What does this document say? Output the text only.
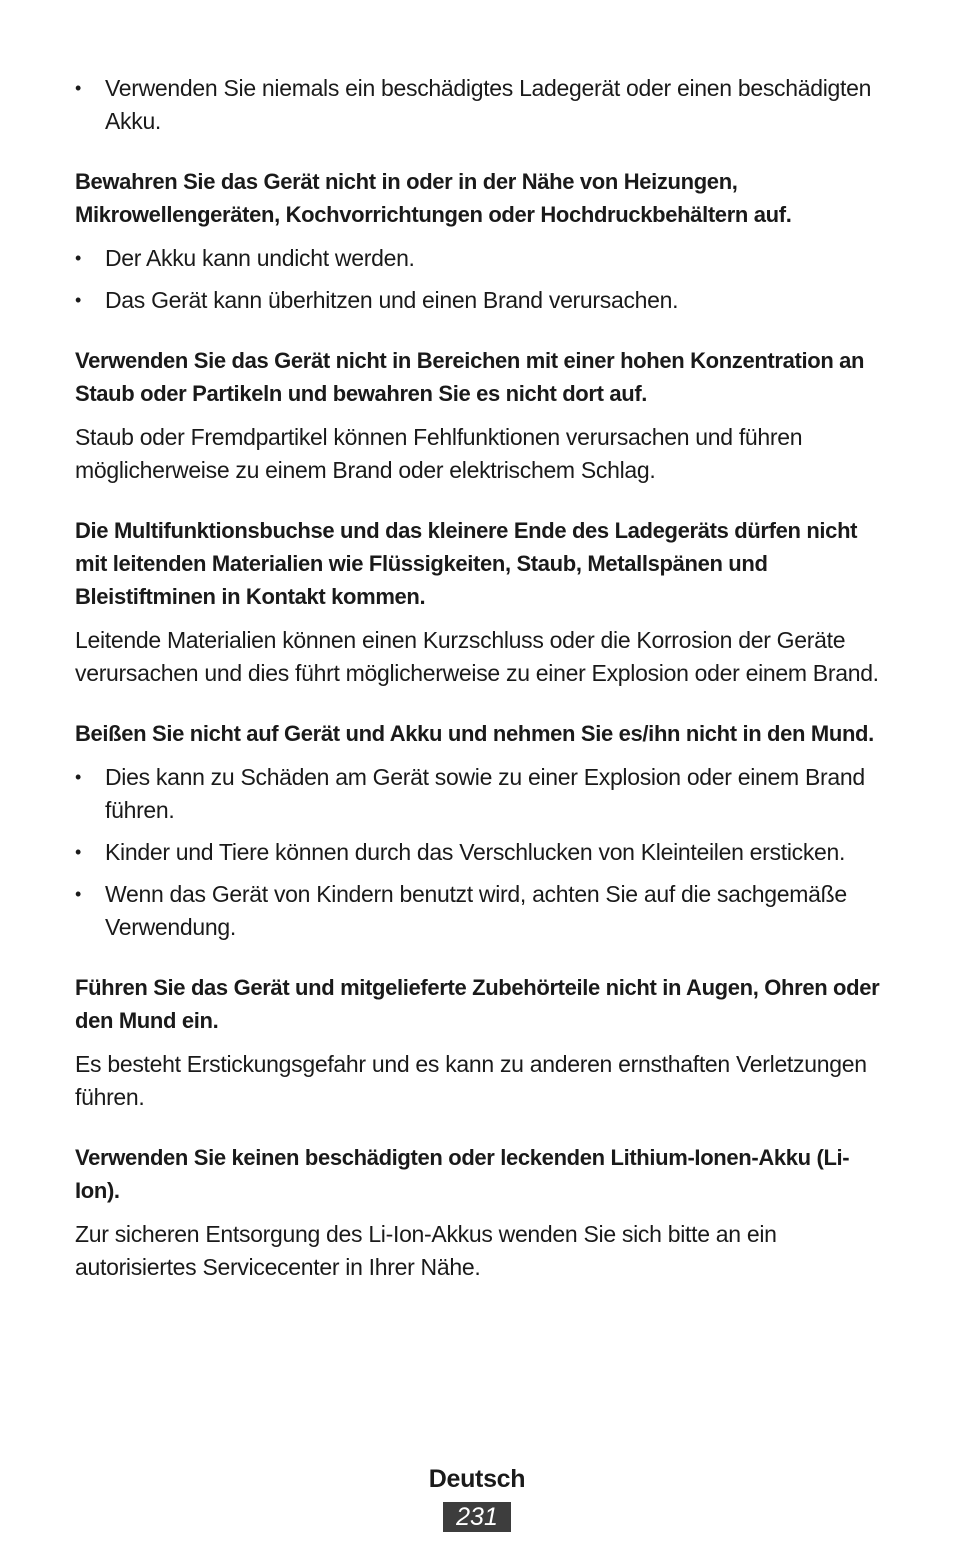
• Verwenden Sie niemals ein beschädigtes Ladegerät oder einen beschädigten Akku.
Bewahren Sie das Gerät nicht in oder in der Nähe von Heizungen, Mikrowellengeräten, Kochvorrichtungen oder Hochdruckbehältern auf.
• Der Akku kann undicht werden.
• Das Gerät kann überhitzen und einen Brand verursachen.
Verwenden Sie das Gerät nicht in Bereichen mit einer hohen Konzentration an Staub oder Partikeln und bewahren Sie es nicht dort auf.

Staub oder Fremdpartikel können Fehlfunktionen verursachen und führen möglicherweise zu einem Brand oder elektrischem Schlag.

Die Multifunktionsbuchse und das kleinere Ende des Ladegeräts dürfen nicht mit leitenden Materialien wie Flüssigkeiten, Staub, Metallspänen und Bleistiftminen in Kontakt kommen.

Leitende Materialien können einen Kurzschluss oder die Korrosion der Geräte verursachen und dies führt möglicherweise zu einer Explosion oder einem Brand.

Beißen Sie nicht auf Gerät und Akku und nehmen Sie es/ihn nicht in den Mund.
• Dies kann zu Schäden am Gerät sowie zu einer Explosion oder einem Brand führen.
• Kinder und Tiere können durch das Verschlucken von Kleinteilen ersticken.
• Wenn das Gerät von Kindern benutzt wird, achten Sie auf die sachgemäße Verwendung.
Führen Sie das Gerät und mitgelieferte Zubehörteile nicht in Augen, Ohren oder den Mund ein.

Es besteht Erstickungsgefahr und es kann zu anderen ernsthaften Verletzungen führen.

Verwenden Sie keinen beschädigten oder leckenden Lithium-Ionen-Akku (Li-Ion).

Zur sicheren Entsorgung des Li-Ion-Akkus wenden Sie sich bitte an ein autorisiertes Servicecenter in Ihrer Nähe.

Deutsch
231
